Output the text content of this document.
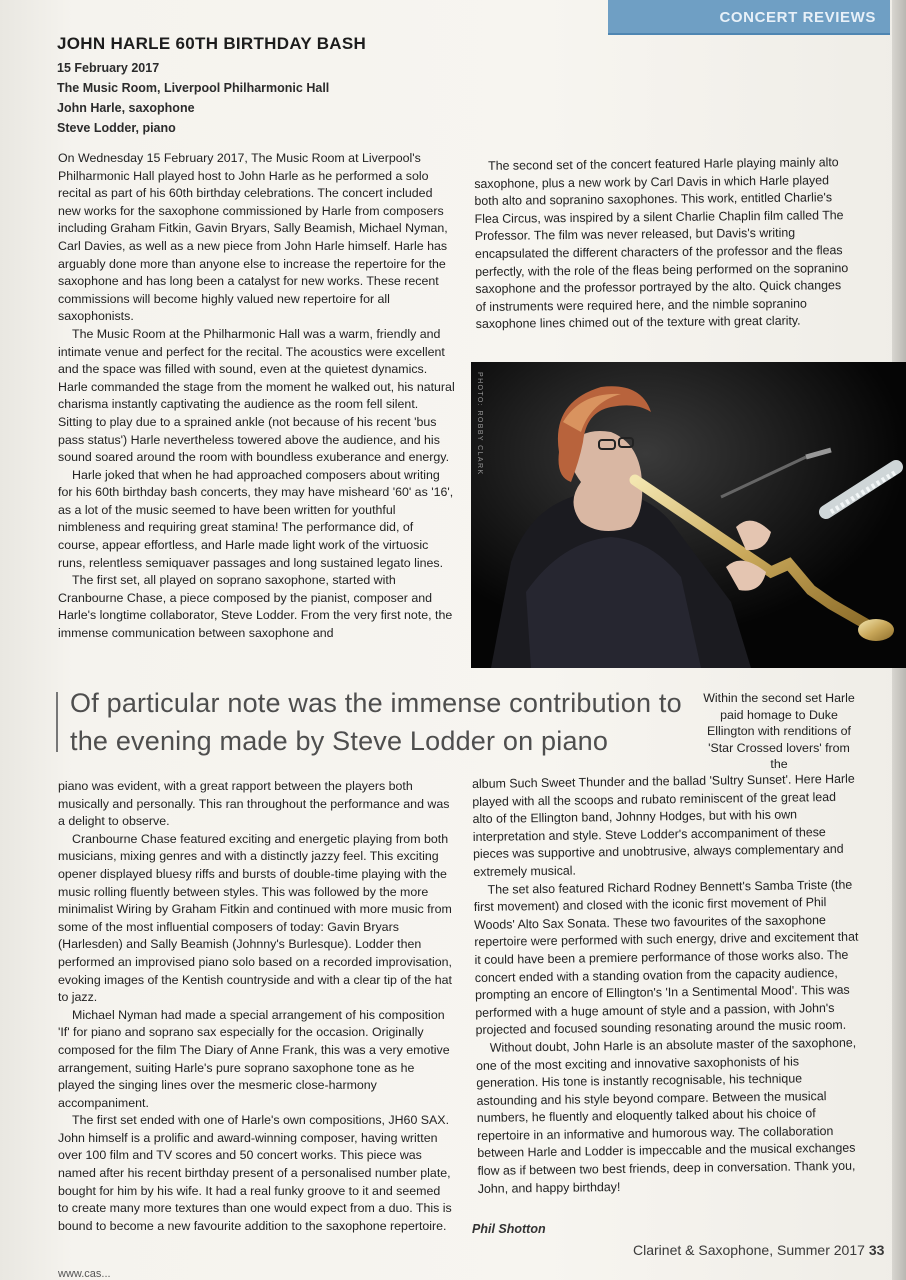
CONCERT REVIEWS
JOHN HARLE 60TH BIRTHDAY BASH
15 February 2017
The Music Room, Liverpool Philharmonic Hall
John Harle, saxophone
Steve Lodder, piano

On Wednesday 15 February 2017, The Music Room at Liverpool's Philharmonic Hall played host to John Harle as he performed a solo recital as part of his 60th birthday celebrations. The concert included new works for the saxophone commissioned by Harle from composers including Graham Fitkin, Gavin Bryars, Sally Beamish, Michael Nyman, Carl Davies, as well as a new piece from John Harle himself. Harle has arguably done more than anyone else to increase the repertoire for the saxophone and has long been a catalyst for new works. These recent commissions will become highly valued new repertoire for all saxophonists.

The Music Room at the Philharmonic Hall was a warm, friendly and intimate venue and perfect for the recital. The acoustics were excellent and the space was filled with sound, even at the quietest dynamics. Harle commanded the stage from the moment he walked out, his natural charisma instantly captivating the audience as the room fell silent. Sitting to play due to a sprained ankle (not because of his recent 'bus pass status') Harle nevertheless towered above the audience, and his sound soared around the room with boundless exuberance and energy.

Harle joked that when he had approached composers about writing for his 60th birthday bash concerts, they may have misheard '60' as '16', as a lot of the music seemed to have been written for youthful nimbleness and requiring great stamina! The performance did, of course, appear effortless, and Harle made light work of the virtuosic runs, relentless semiquaver passages and long sustained legato lines.

The first set, all played on soprano saxophone, started with Cranbourne Chase, a piece composed by the pianist, composer and Harle's longtime collaborator, Steve Lodder. From the very first note, the immense communication between saxophone and

The second set of the concert featured Harle playing mainly alto saxophone, plus a new work by Carl Davis in which Harle played both alto and sopranino saxophones. This work, entitled Charlie's Flea Circus, was inspired by a silent Charlie Chaplin film called The Professor. The film was never released, but Davis's writing encapsulated the different characters of the professor and the fleas perfectly, with the role of the fleas being performed on the sopranino saxophone and the professor portrayed by the alto. Quick changes of instruments were required here, and the nimble sopranino saxophone lines chimed out of the texture with great clarity.

PHOTO: ROBBY CLARK
Of particular note was the immense contribution to the evening made by Steve Lodder on piano
Within the second set Harle paid homage to Duke Ellington with renditions of 'Star Crossed lovers' from the

piano was evident, with a great rapport between the players both musically and personally. This ran throughout the performance and was a delight to observe.

Cranbourne Chase featured exciting and energetic playing from both musicians, mixing genres and with a distinctly jazzy feel. This exciting opener displayed bluesy riffs and bursts of double-time playing with the music rolling fluently between styles. This was followed by the more minimalist Wiring by Graham Fitkin and continued with more music from some of the most influential composers of today: Gavin Bryars (Harlesden) and Sally Beamish (Johnny's Burlesque). Lodder then performed an improvised piano solo based on a recorded improvisation, evoking images of the Kentish countryside and with a clear tip of the hat to jazz.

Michael Nyman had made a special arrangement of his composition 'If' for piano and soprano sax especially for the occasion. Originally composed for the film The Diary of Anne Frank, this was a very emotive arrangement, suiting Harle's pure soprano saxophone tone as he played the singing lines over the mesmeric close-harmony accompaniment.

The first set ended with one of Harle's own compositions, JH60 SAX. John himself is a prolific and award-winning composer, having written over 100 film and TV scores and 50 concert works. This piece was named after his recent birthday present of a personalised number plate, bought for him by his wife. It had a real funky groove to it and seemed to create many more textures than one would expect from a duo. This is bound to become a new favourite addition to the saxophone repertoire.

album Such Sweet Thunder and the ballad 'Sultry Sunset'. Here Harle played with all the scoops and rubato reminiscent of the great lead alto of the Ellington band, Johnny Hodges, but with his own interpretation and style. Steve Lodder's accompaniment of these pieces was supportive and unobtrusive, always complementary and extremely musical.

The set also featured Richard Rodney Bennett's Samba Triste (the first movement) and closed with the iconic first movement of Phil Woods' Alto Sax Sonata. These two favourites of the saxophone repertoire were performed with such energy, drive and excitement that it could have been a premiere performance of those works also. The concert ended with a standing ovation from the capacity audience, prompting an encore of Ellington's 'In a Sentimental Mood'. This was performed with a huge amount of style and a passion, with John's projected and focused sounding resonating around the music room.

Without doubt, John Harle is an absolute master of the saxophone, one of the most exciting and innovative saxophonists of his generation. His tone is instantly recognisable, his technique astounding and his style beyond compare. Between the musical numbers, he fluently and eloquently talked about his choice of repertoire in an informative and humorous way. The collaboration between Harle and Lodder is impeccable and the musical exchanges flow as if between two best friends, deep in conversation. Thank you, John, and happy birthday!

Phil Shotton
Clarinet & Saxophone, Summer 2017 33
www.cas...
